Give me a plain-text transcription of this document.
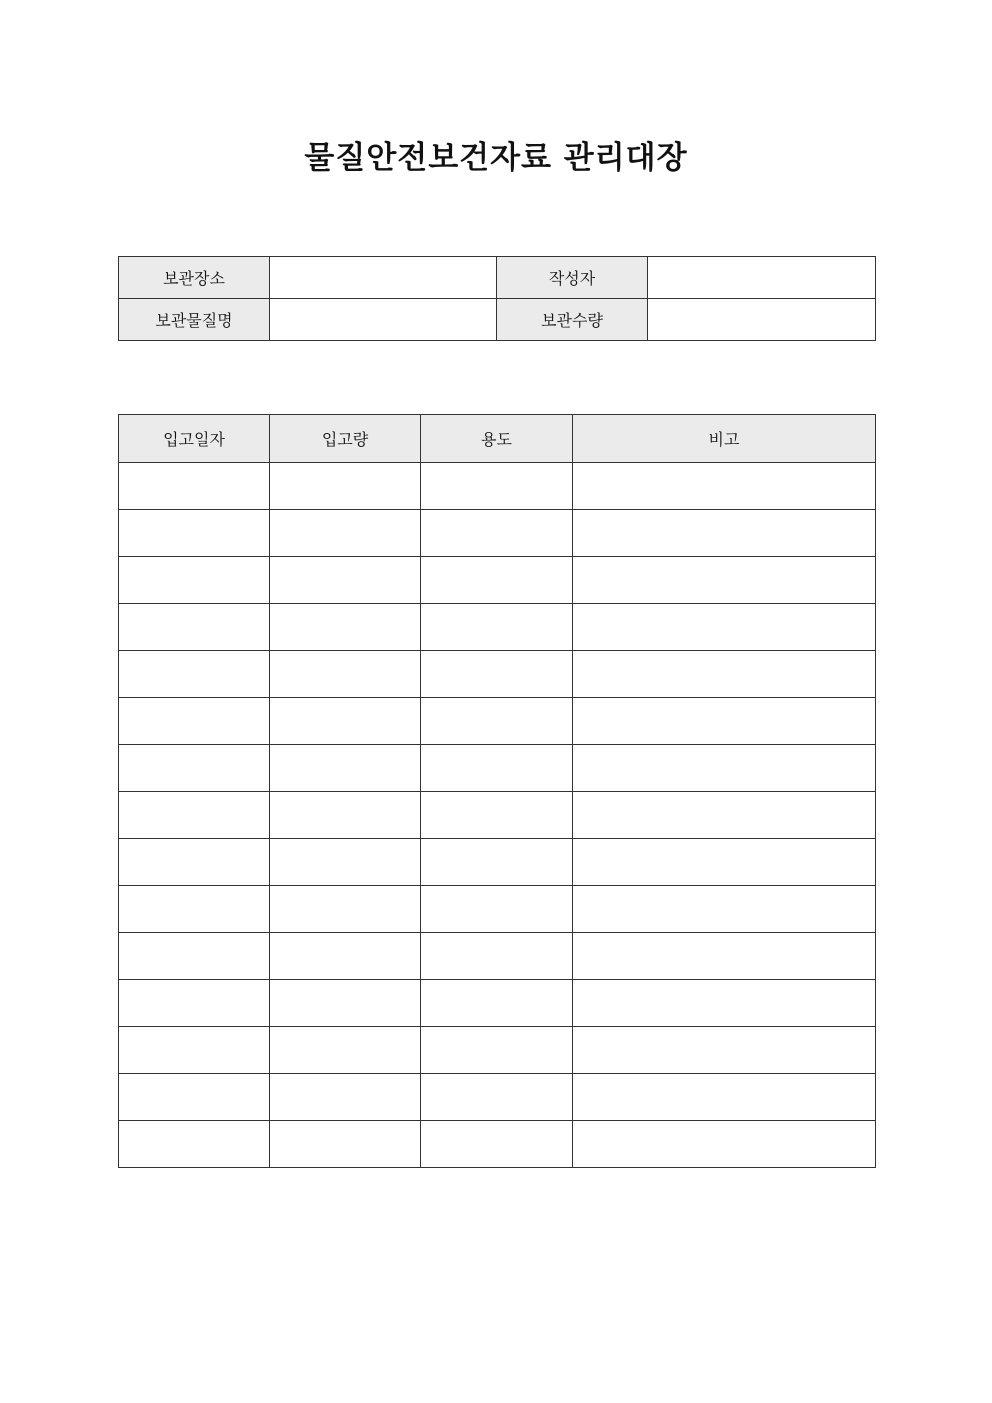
물질안전보건자료 관리대장
보관장소		작성자	
보관물질명		보관수량	
입고일자	입고량	용도	비고
